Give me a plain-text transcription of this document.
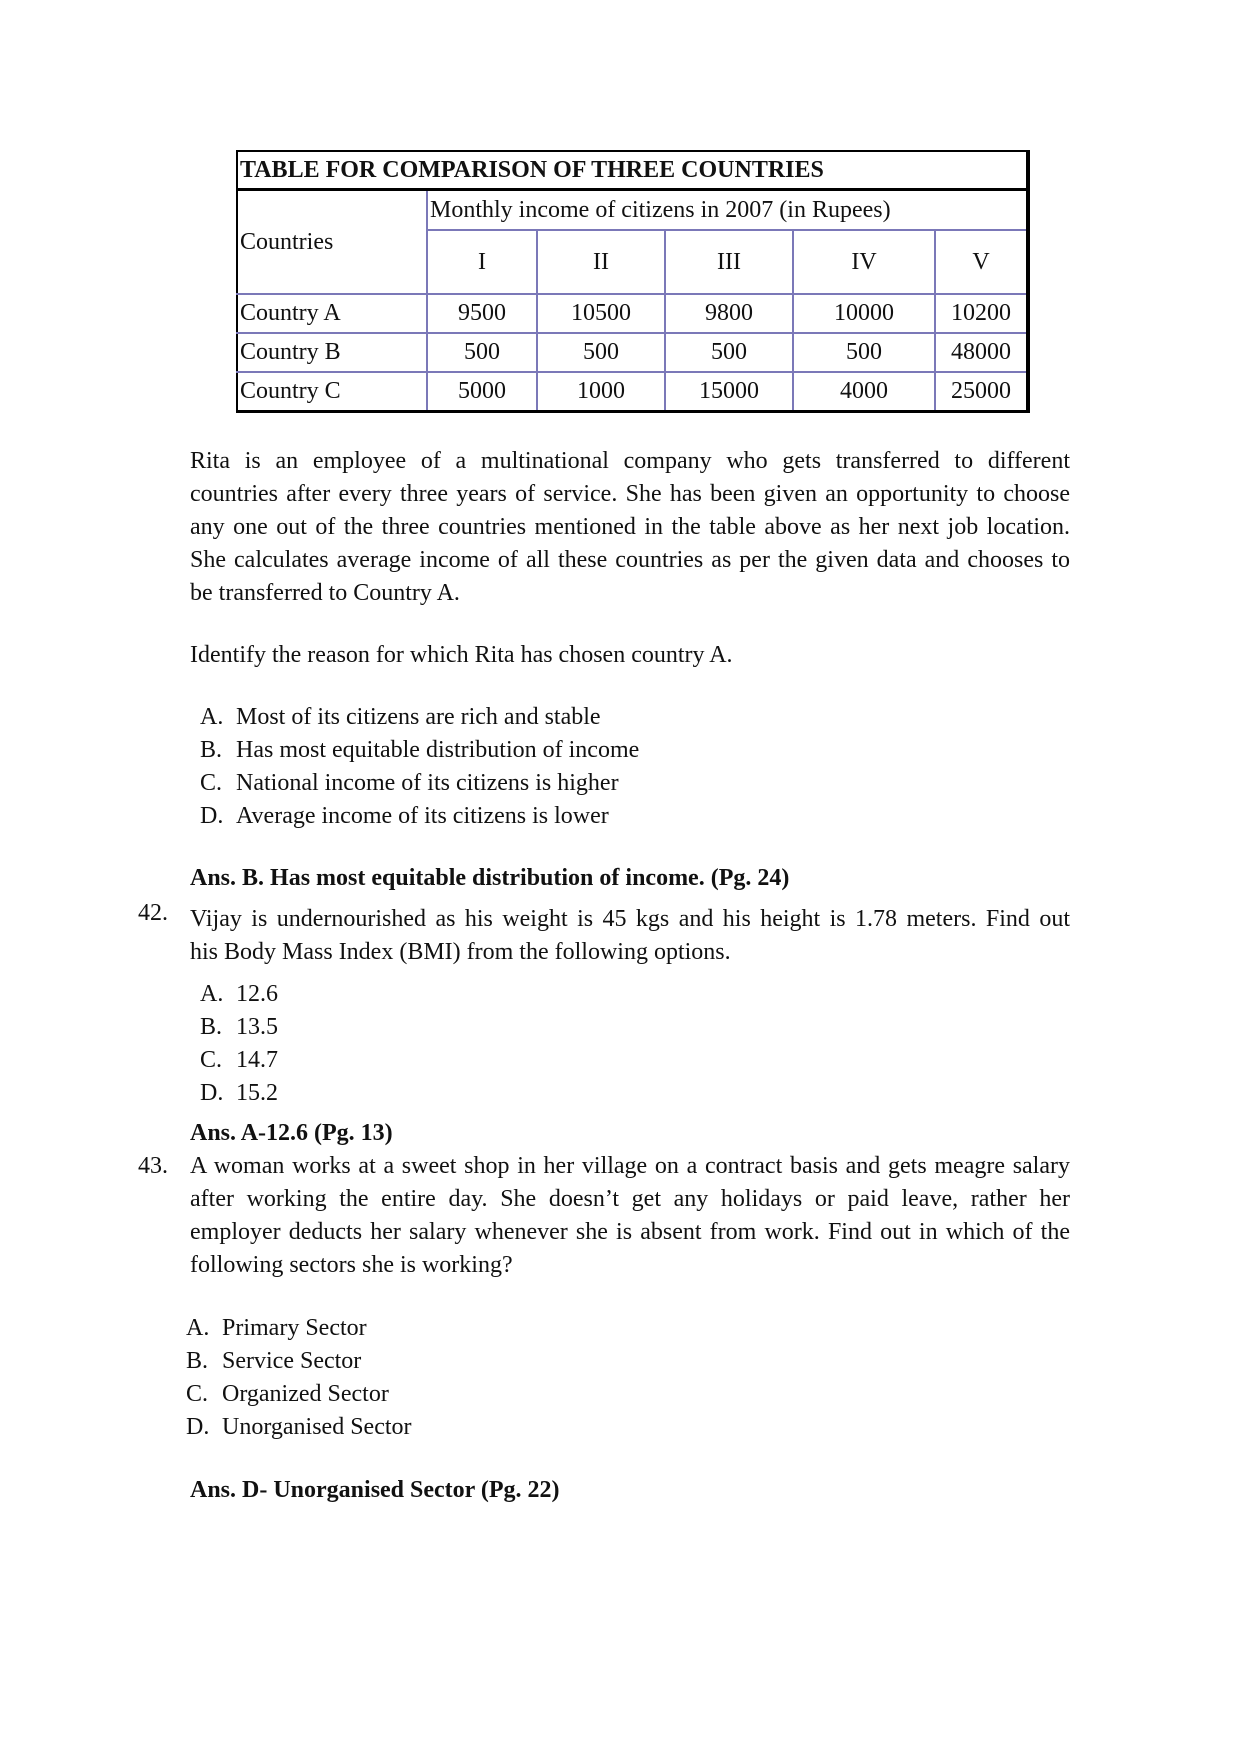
TABLE FOR COMPARISON OF THREE COUNTRIES					
Countries	Monthly income of citizens in 2007 (in Rupees)				
	I	II	III	IV	V
Country A	9500	10500	9800	10000	10200
Country B	500	500	500	500	48000
Country C	5000	1000	15000	4000	25000
Rita is an employee of a multinational company who gets transferred to different
countries after every three years of service. She has been given an opportunity to choose
any one out of the three countries mentioned in the table above as her next job location.
She calculates average income of all these countries as per the given data and chooses to
be transferred to Country A.
Identify the reason for which Rita has chosen country A.
A. Most of its citizens are rich and stable
B. Has most equitable distribution of income
C. National income of its citizens is higher
D. Average income of its citizens is lower
Ans. B. Has most equitable distribution of income. (Pg. 24)
42. Vijay is undernourished as his weight is 45 kgs and his height is 1.78 meters. Find out
his Body Mass Index (BMI) from the following options.
A. 12.6
B. 13.5
C. 14.7
D. 15.2
Ans. A-12.6 (Pg. 13)
43. A woman works at a sweet shop in her village on a contract basis and gets meagre salary
after working the entire day. She doesn’t get any holidays or paid leave, rather her
employer deducts her salary whenever she is absent from work. Find out in which of the
following sectors she is working?
A. Primary Sector
B. Service Sector
C. Organized Sector
D. Unorganised Sector
Ans. D- Unorganised Sector (Pg. 22)
